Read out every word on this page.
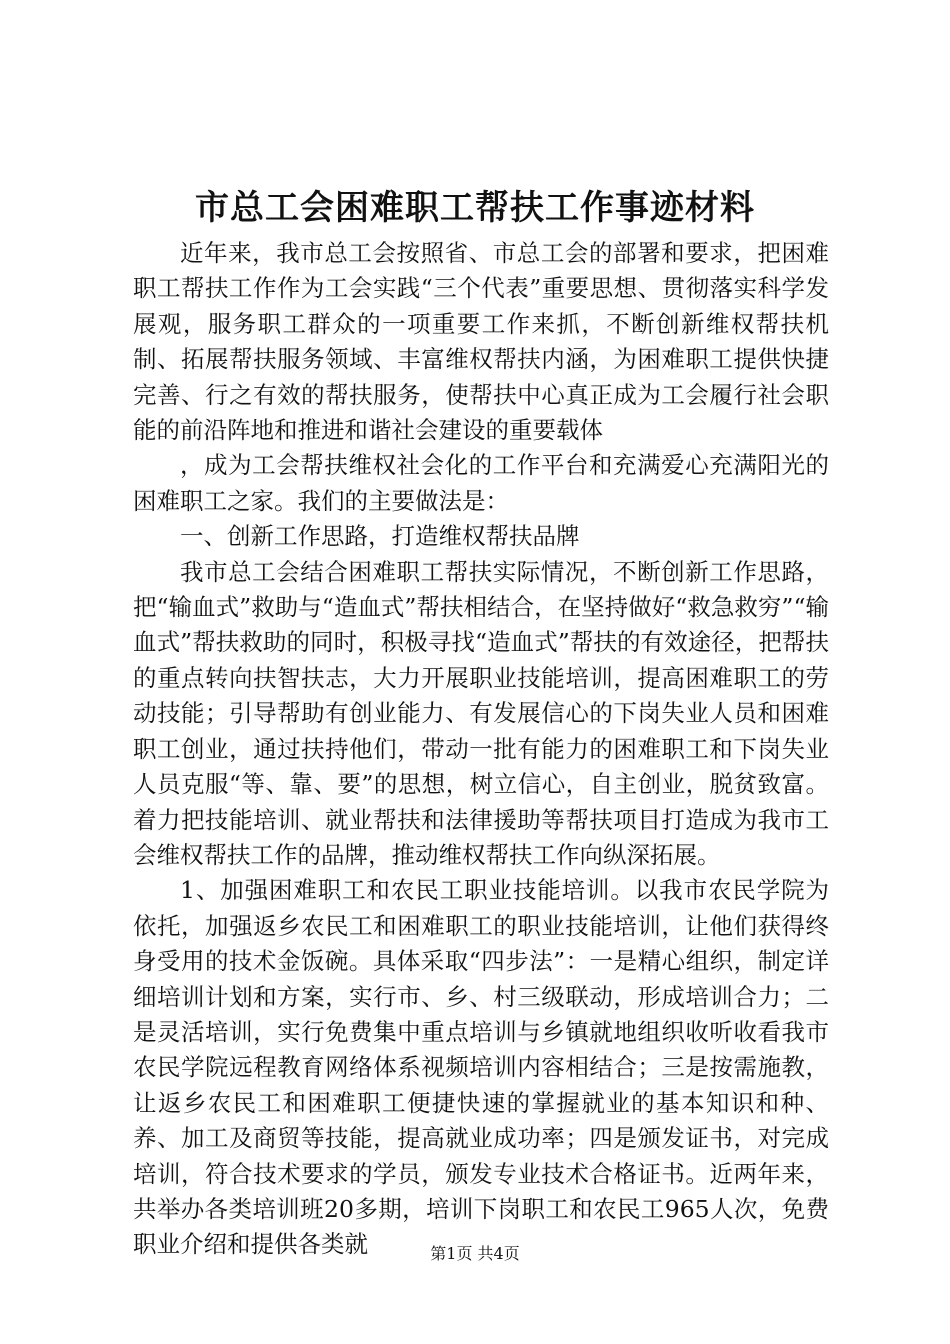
市总工会困难职工帮扶工作事迹材料

近年来，我市总工会按照省、市总工会的部署和要求，把困难职工帮扶工作作为工会实践“三个代表”重要思想、贯彻落实科学发展观，服务职工群众的一项重要工作来抓，不断创新维权帮扶机制、拓展帮扶服务领域、丰富维权帮扶内涵，为困难职工提供快捷完善、行之有效的帮扶服务，使帮扶中心真正成为工会履行社会职能的前沿阵地和推进和谐社会建设的重要载体

，成为工会帮扶维权社会化的工作平台和充满爱心充满阳光的困难职工之家。我们的主要做法是：

一、创新工作思路，打造维权帮扶品牌

我市总工会结合困难职工帮扶实际情况，不断创新工作思路，把“输血式”救助与“造血式”帮扶相结合，在坚持做好“救急救穷”“输血式”帮扶救助的同时，积极寻找“造血式”帮扶的有效途径，把帮扶的重点转向扶智扶志，大力开展职业技能培训，提高困难职工的劳动技能；引导帮助有创业能力、有发展信心的下岗失业人员和困难职工创业，通过扶持他们，带动一批有能力的困难职工和下岗失业人员克服“等、靠、要”的思想，树立信心，自主创业，脱贫致富。着力把技能培训、就业帮扶和法律援助等帮扶项目打造成为我市工会维权帮扶工作的品牌，推动维权帮扶工作向纵深拓展。

1、加强困难职工和农民工职业技能培训。以我市农民学院为依托，加强返乡农民工和困难职工的职业技能培训，让他们获得终身受用的技术金饭碗。具体采取“四步法”：一是精心组织，制定详细培训计划和方案，实行市、乡、村三级联动，形成培训合力；二是灵活培训，实行免费集中重点培训与乡镇就地组织收听收看我市农民学院远程教育网络体系视频培训内容相结合；三是按需施教，让返乡农民工和困难职工便捷快速的掌握就业的基本知识和种、养、加工及商贸等技能，提高就业成功率；四是颁发证书，对完成培训，符合技术要求的学员，颁发专业技术合格证书。近两年来，共举办各类培训班20多期，培训下岗职工和农民工965人次，免费职业介绍和提供各类就	第1页 共4页
